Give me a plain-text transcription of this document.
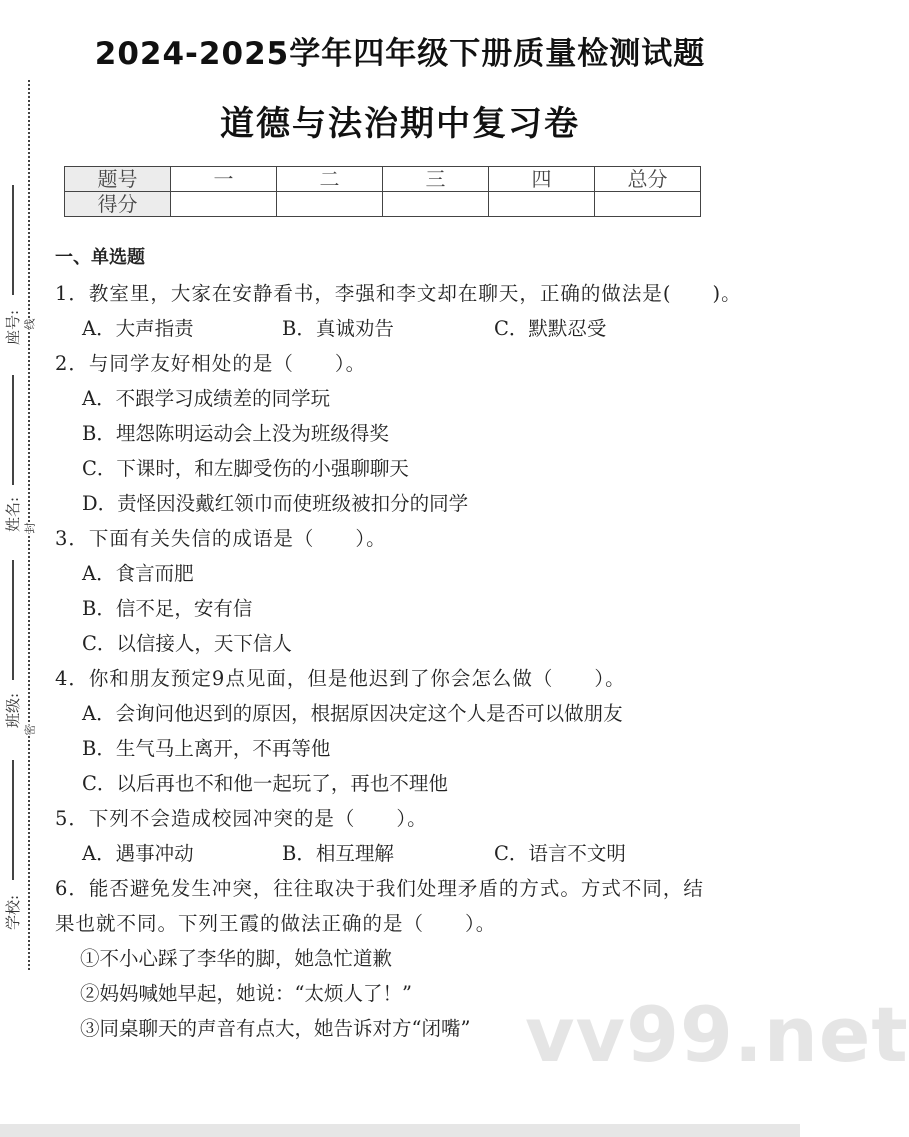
学校:
班级:
姓名:
座号:
密
封
线
2024-2025学年四年级下册质量检测试题
道德与法治期中复习卷
题号	一	二	三	四	总分
得分					
一、单选题
1．教室里，大家在安静看书，李强和李文却在聊天，正确的做法是(　　)。
A．大声指责	B．真诚劝告	C．默默忍受
2．与同学友好相处的是（　　）。
A．不跟学习成绩差的同学玩
B．埋怨陈明运动会上没为班级得奖
C．下课时，和左脚受伤的小强聊聊天
D．责怪因没戴红领巾而使班级被扣分的同学
3．下面有关失信的成语是（　　）。
A．食言而肥
B．信不足，安有信
C．以信接人，天下信人
4．你和朋友预定9点见面，但是他迟到了你会怎么做（　　）。
A．会询问他迟到的原因，根据原因决定这个人是否可以做朋友
B．生气马上离开，不再等他
C．以后再也不和他一起玩了，再也不理他
5．下列不会造成校园冲突的是（　　）。
A．遇事冲动	B．相互理解	C．语言不文明
6．能否避免发生冲突，往往取决于我们处理矛盾的方式。方式不同，结
果也就不同。下列王霞的做法正确的是（　　）。
①不小心踩了李华的脚，她急忙道歉
②妈妈喊她早起，她说：“太烦人了！”
③同桌聊天的声音有点大，她告诉对方“闭嘴” vv99.net
